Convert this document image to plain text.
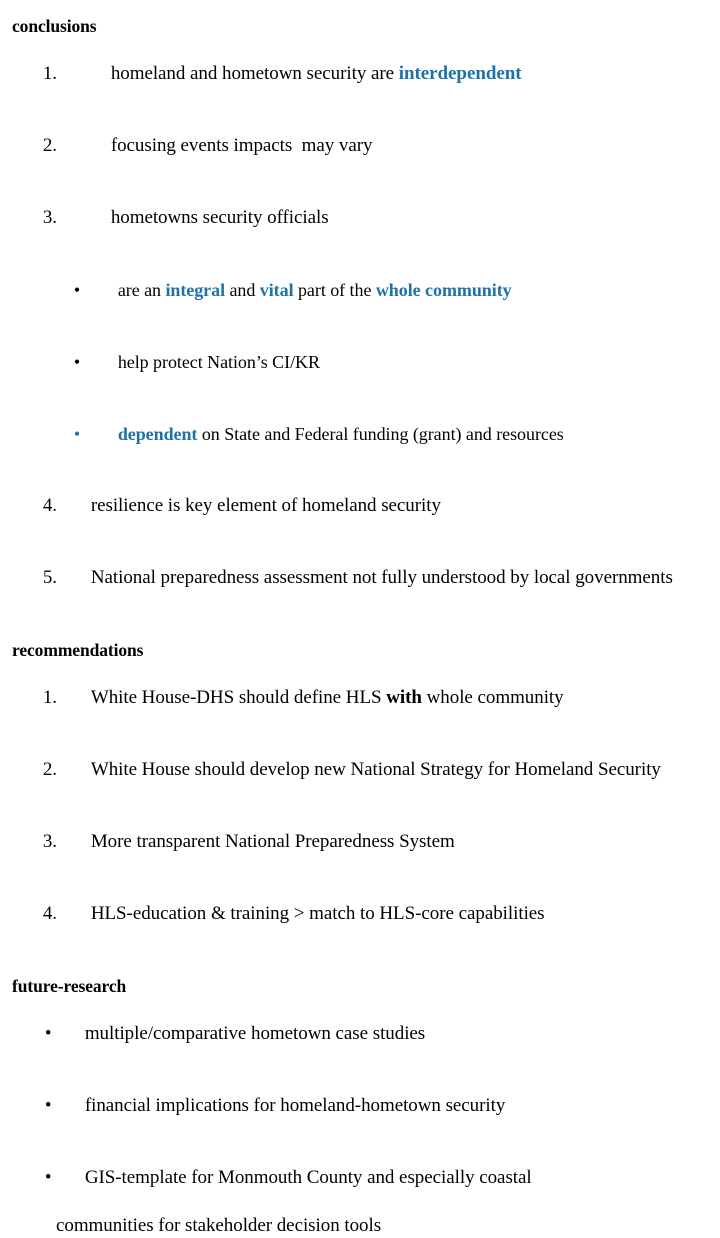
conclusions

1.	homeland and hometown security are interdependent

2.	focusing events impacts  may vary

3.	hometowns security officials

• are an integral and vital part of the whole community

• help protect Nation’s CI/KR

• dependent on State and Federal funding (grant) and resources

4. resilience is key element of homeland security

5. National preparedness assessment not fully understood by local governments

recommendations

1. White House-DHS should define HLS with whole community

2. White House should develop new National Strategy for Homeland Security

3. More transparent National Preparedness System

4. HLS-education & training > match to HLS-core capabilities

future-research

• multiple/comparative hometown case studies

• financial implications for homeland-hometown security

• GIS-template for Monmouth County and especially coastal

communities for stakeholder decision tools
